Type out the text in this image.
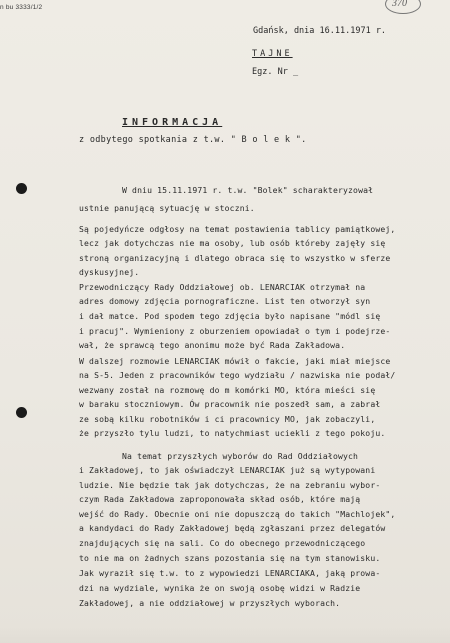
n bu 3333/1/2	370
Gdańsk, dnia 16.11.1971 r.
TAJNE
Egz. Nr _
INFORMACJA
z odbytego spotkania z t.w. " B o l e k ".
W dniu 15.11.1971 r. t.w. "Bolek" scharakteryzował
ustnie panującą sytuację w stoczni.
Są pojedyńcze odgłosy na temat postawienia tablicy pamiątkowej,
lecz jak dotychczas nie ma osoby, lub osób któreby zajęły się
stroną organizacyjną i dlatego obraca się to wszystko w sferze
dyskusyjnej.
Przewodniczący Rady Oddziałowej ob. LENARCIAK otrzymał na
adres domowy zdjęcia pornograficzne. List ten otworzył syn
i dał matce. Pod spodem tego zdjęcia było napisane "módl się
i pracuj". Wymieniony z oburzeniem opowiadał o tym i podejrze-
wał, że sprawcą tego anonimu może być Rada Zakładowa.
W dalszej rozmowie LENARCIAK mówił o fakcie, jaki miał miejsce
na S-5. Jeden z pracowników tego wydziału / nazwiska nie podał/
wezwany został na rozmowę do m komórki MO, która mieści się
w baraku stoczniowym. Ów pracownik nie poszedł sam, a zabrał
ze sobą kilku robotników i ci pracownicy MO, jak zobaczyli,
że przyszło tylu ludzi, to natychmiast uciekli z tego pokoju.
Na temat przyszłych wyborów do Rad Oddziałowych
i Zakładowej, to jak oświadczył LENARCIAK już są wytypowani
ludzie. Nie będzie tak jak dotychczas, że na zebraniu wybor-
czym Rada Zakładowa zaproponowała skład osób, które mają
wejść do Rady. Obecnie oni nie dopuszczą do takich "Machlojek",
a kandydaci do Rady Zakładowej będą zgłaszani przez delegatów
znajdujących się na sali. Co do obecnego przewodniczącego
to nie ma on żadnych szans pozostania się na tym stanowisku.
Jak wyraził się t.w. to z wypowiedzi LENARCIAKA, jaką prowa-
dzi na wydziale, wynika że on swoją osobę widzi w Radzie
Zakładowej, a nie oddziałowej w przyszłych wyborach.
